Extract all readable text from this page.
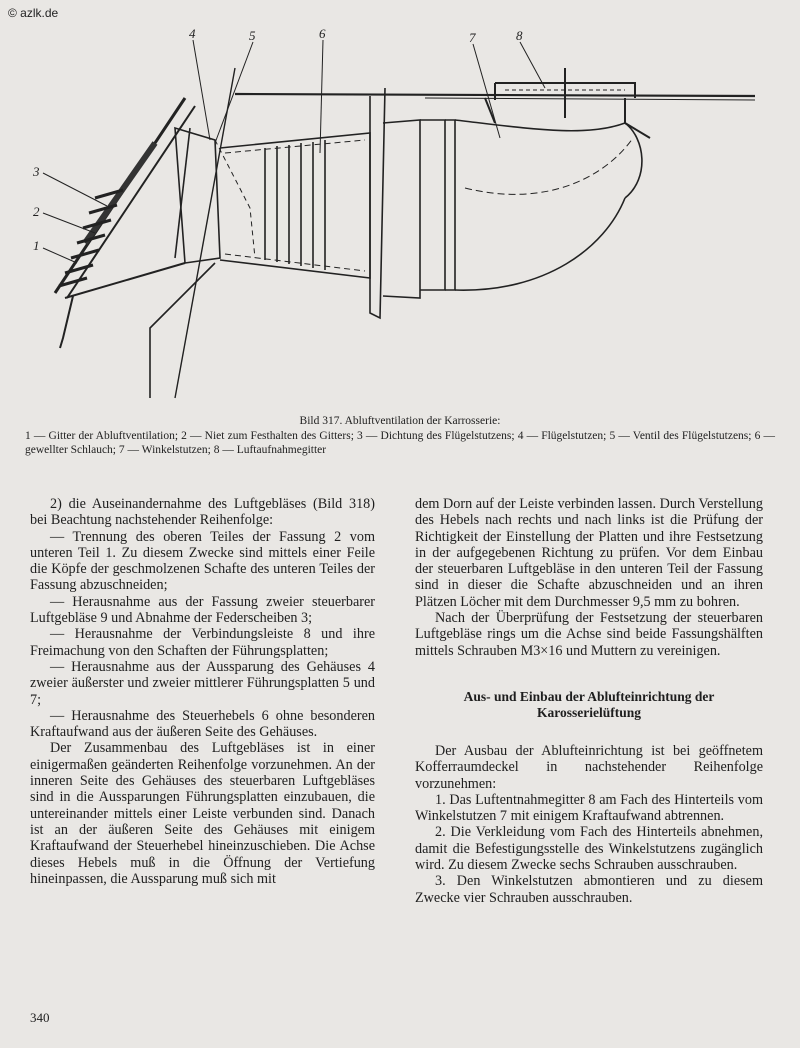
© azlk.de
4	5	6	7	8
3
2
1
Bild 317. Abluftventilation der Karrosserie:
1 — Gitter der Abluftventilation; 2 — Niet zum Festhalten des Gitters; 3 — Dichtung des Flügelstutzens; 4 — Flügelstutzen; 5 — Ventil des Flügelstutzens; 6 — gewellter Schlauch; 7 — Winkelstutzen; 8 — Luftaufnahmegitter

2) die Auseinandernahme des Luftgebläses (Bild 318) bei Beachtung nachstehender Reihenfolge:

— Trennung des oberen Teiles der Fassung 2 vom unteren Teil 1. Zu diesem Zwecke sind mittels einer Feile die Köpfe der geschmolzenen Schafte des unteren Teiles der Fassung abzuschneiden;

— Herausnahme aus der Fassung zweier steuerbarer Luftgebläse 9 und Abnahme der Federscheiben 3;

— Herausnahme der Verbindungsleiste 8 und ihre Freimachung von den Schaften der Führungsplatten;

— Herausnahme aus der Aussparung des Gehäuses 4 zweier äußerster und zweier mittlerer Führungsplatten 5 und 7;

— Herausnahme des Steuerhebels 6 ohne besonderen Kraftaufwand aus der äußeren Seite des Gehäuses.

Der Zusammenbau des Luftgebläses ist in einer einigermaßen geänderten Reihenfolge vorzunehmen. An der inneren Seite des Gehäuses des steuerbaren Luftgebläses sind in die Aussparungen Führungsplatten einzubauen, die untereinander mittels einer Leiste verbunden sind. Danach ist an der äußeren Seite des Gehäuses mit einigem Kraftaufwand der Steuerhebel hineinzuschieben. Die Achse dieses Hebels muß in die Öffnung der Vertiefung hineinpassen, die Aussparung muß sich mit

dem Dorn auf der Leiste verbinden lassen. Durch Verstellung des Hebels nach rechts und nach links ist die Prüfung der Richtigkeit der Einstellung der Platten und ihre Festsetzung in der aufgegebenen Richtung zu prüfen. Vor dem Einbau der steuerbaren Luftgebläse in den unteren Teil der Fassung sind in dieser die Schafte abzuschneiden und an ihren Plätzen Löcher mit dem Durchmesser 9,5 mm zu bohren.

Nach der Überprüfung der Festsetzung der steuerbaren Luftgebläse rings um die Achse sind beide Fassungshälften mittels Schrauben M3×16 und Muttern zu vereinigen.

Aus- und Einbau der Ablufteinrichtung der Karosserielüftung

Der Ausbau der Ablufteinrichtung ist bei geöffnetem Kofferraumdeckel in nachstehender Reihenfolge vorzunehmen:

1. Das Luftentnahmegitter 8 am Fach des Hinterteils vom Winkelstutzen 7 mit einigem Kraftaufwand abtrennen.

2. Die Verkleidung vom Fach des Hinterteils abnehmen, damit die Befestigungsstelle des Winkelstutzens zugänglich wird. Zu diesem Zwecke sechs Schrauben ausschrauben.

3. Den Winkelstutzen abmontieren und zu diesem Zwecke vier Schrauben ausschrauben.

340
